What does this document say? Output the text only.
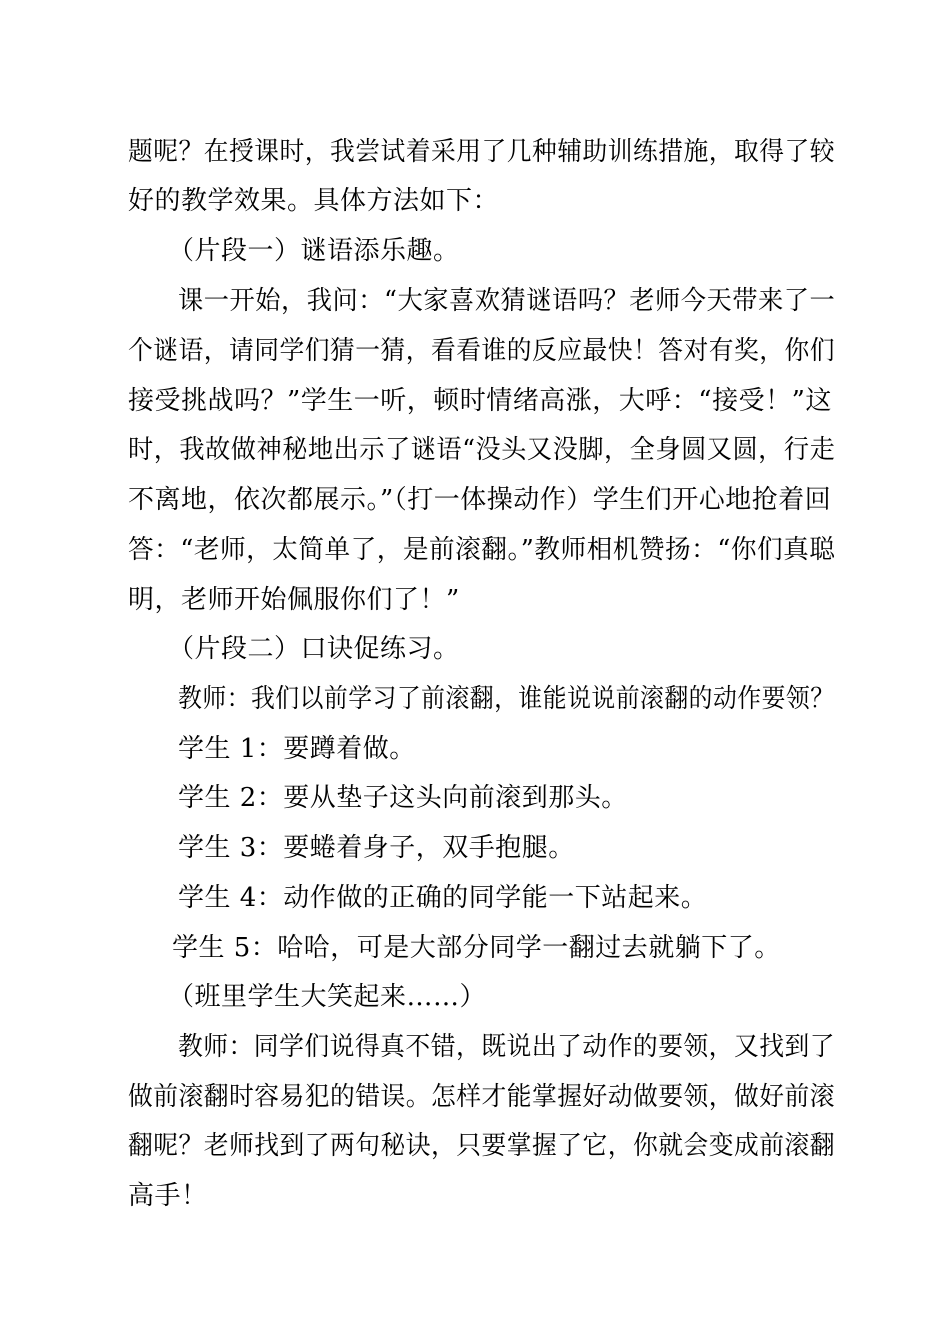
题呢？在授课时，我尝试着采用了几种辅助训练措施，取得了较
好的教学效果。具体方法如下：
（片段一）谜语添乐趣。
课一开始，我问：“大家喜欢猜谜语吗？老师今天带来了一
个谜语，请同学们猜一猜，看看谁的反应最快！答对有奖，你们
接受挑战吗？”学生一听，顿时情绪高涨，大呼：“接受！”这
时，我故做神秘地出示了谜语“没头又没脚，全身圆又圆，行走
不离地，依次都展示。”（打一体操动作）学生们开心地抢着回
答：“老师，太简单了，是前滚翻。”教师相机赞扬：“你们真聪
明，老师开始佩服你们了！”
（片段二）口诀促练习。
教师：我们以前学习了前滚翻，谁能说说前滚翻的动作要领？
学生 1：要蹲着做。
学生 2：要从垫子这头向前滚到那头。
学生 3：要蜷着身子，双手抱腿。
学生 4：动作做的正确的同学能一下站起来。
学生 5：哈哈，可是大部分同学一翻过去就躺下了。
（班里学生大笑起来……）
教师：同学们说得真不错，既说出了动作的要领，又找到了
做前滚翻时容易犯的错误。怎样才能掌握好动做要领，做好前滚
翻呢？老师找到了两句秘诀，只要掌握了它，你就会变成前滚翻
高手！
